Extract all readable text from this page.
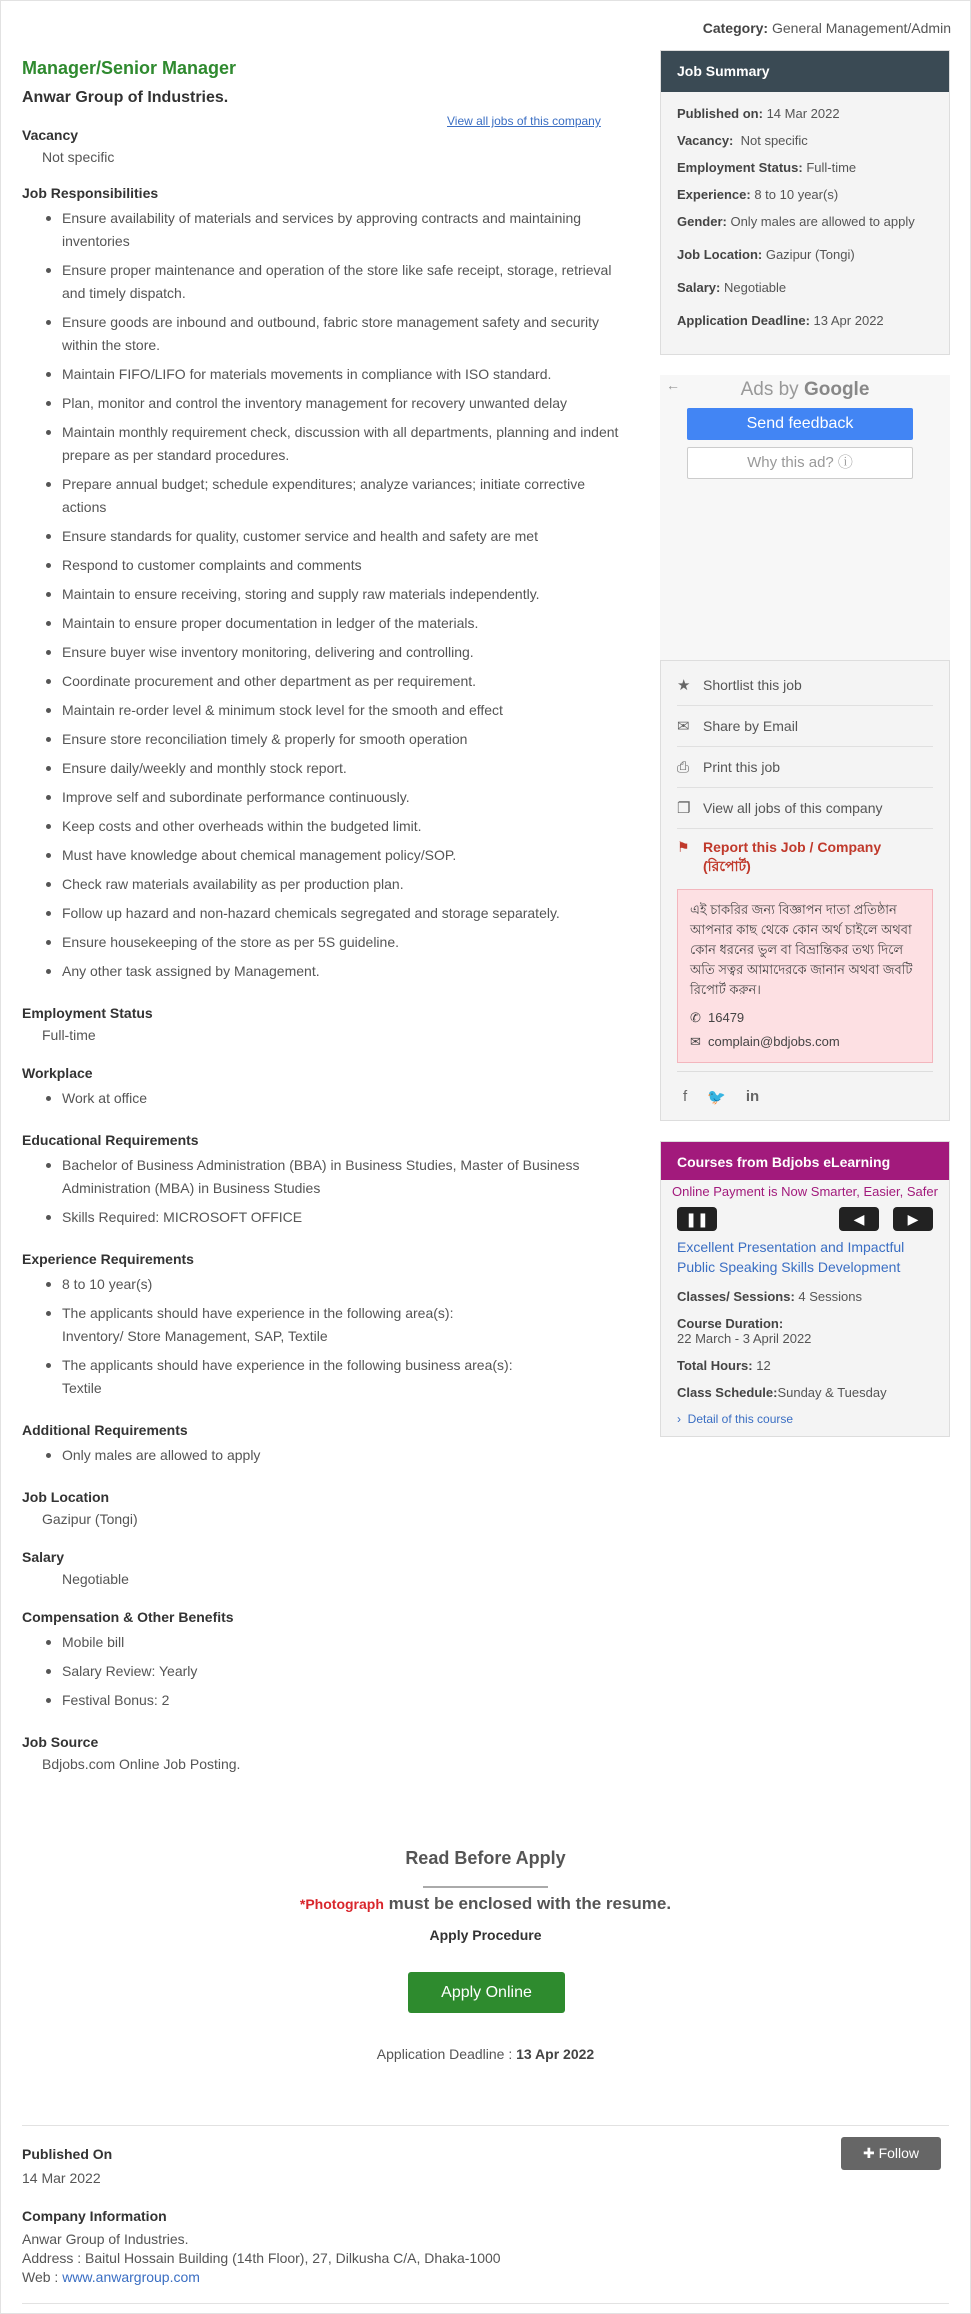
Category: General Management/Admin
Manager/Senior Manager
Anwar Group of Industries.
View all jobs of this company
Vacancy
Not specific
Job Responsibilities
Ensure availability of materials and services by approving contracts and maintaining inventories
Ensure proper maintenance and operation of the store like safe receipt, storage, retrieval and timely dispatch.
Ensure goods are inbound and outbound, fabric store management safety and security within the store.
Maintain FIFO/LIFO for materials movements in compliance with ISO standard.
Plan, monitor and control the inventory management for recovery unwanted delay
Maintain monthly requirement check, discussion with all departments, planning and indent prepare as per standard procedures.
Prepare annual budget; schedule expenditures; analyze variances; initiate corrective actions
Ensure standards for quality, customer service and health and safety are met
Respond to customer complaints and comments
Maintain to ensure receiving, storing and supply raw materials independently.
Maintain to ensure proper documentation in ledger of the materials.
Ensure buyer wise inventory monitoring, delivering and controlling.
Coordinate procurement and other department as per requirement.
Maintain re-order level & minimum stock level for the smooth and effect
Ensure store reconciliation timely & properly for smooth operation
Ensure daily/weekly and monthly stock report.
Improve self and subordinate performance continuously.
Keep costs and other overheads within the budgeted limit.
Must have knowledge about chemical management policy/SOP.
Check raw materials availability as per production plan.
Follow up hazard and non-hazard chemicals segregated and storage separately.
Ensure housekeeping of the store as per 5S guideline.
Any other task assigned by Management.
Employment Status
Full-time
Workplace
Work at office
Educational Requirements
Bachelor of Business Administration (BBA) in Business Studies, Master of Business Administration (MBA) in Business Studies
Skills Required: MICROSOFT OFFICE
Experience Requirements
8 to 10 year(s)
The applicants should have experience in the following area(s):
Inventory/ Store Management, SAP, Textile
The applicants should have experience in the following business area(s):
Textile
Additional Requirements
Only males are allowed to apply
Job Location
Gazipur (Tongi)
Salary
Negotiable
Compensation & Other Benefits
Mobile bill
Salary Review: Yearly
Festival Bonus: 2
Job Source
Bdjobs.com Online Job Posting.
Job Summary
Published on: 14 Mar 2022
Vacancy: Not specific
Employment Status: Full-time
Experience: 8 to 10 year(s)
Gender: Only males are allowed to apply
Job Location: Gazipur (Tongi)
Salary: Negotiable
Application Deadline: 13 Apr 2022
←	Ads by Google
Send feedback
Why this ad? ⓘ
★ Shortlist this job
✉ Share by Email
⎙ Print this job
❐ View all jobs of this company
⚑ Report this Job / Company (রিপোর্ট)
এই চাকরির জন্য বিজ্ঞাপন দাতা প্রতিষ্ঠান আপনার কাছ থেকে কোন অর্থ চাইলে অথবা কোন ধরনের ভুল বা বিভ্রান্তিকর তথ্য দিলে অতি সত্বর আমাদেরকে জানান অথবা জবটি রিপোর্ট করুন।
✆ 16479
✉ complain@bdjobs.com
f 🐦 in
Courses from Bdjobs eLearning
Online Payment is Now Smarter, Easier, Safer
❚❚	◀	▶
Excellent Presentation and Impactful Public Speaking Skills Development
Classes/ Sessions: 4 Sessions
Course Duration:
22 March - 3 April 2022
Total Hours: 12
Class Schedule:Sunday & Tuesday
› Detail of this course
Read Before Apply
*Photograph must be enclosed with the resume.
Apply Procedure
Apply Online
Application Deadline : 13 Apr 2022
✚ Follow
Published On
14 Mar 2022
Company Information
Anwar Group of Industries.
Address : Baitul Hossain Building (14th Floor), 27, Dilkusha C/A, Dhaka-1000
Web : www.anwargroup.com
